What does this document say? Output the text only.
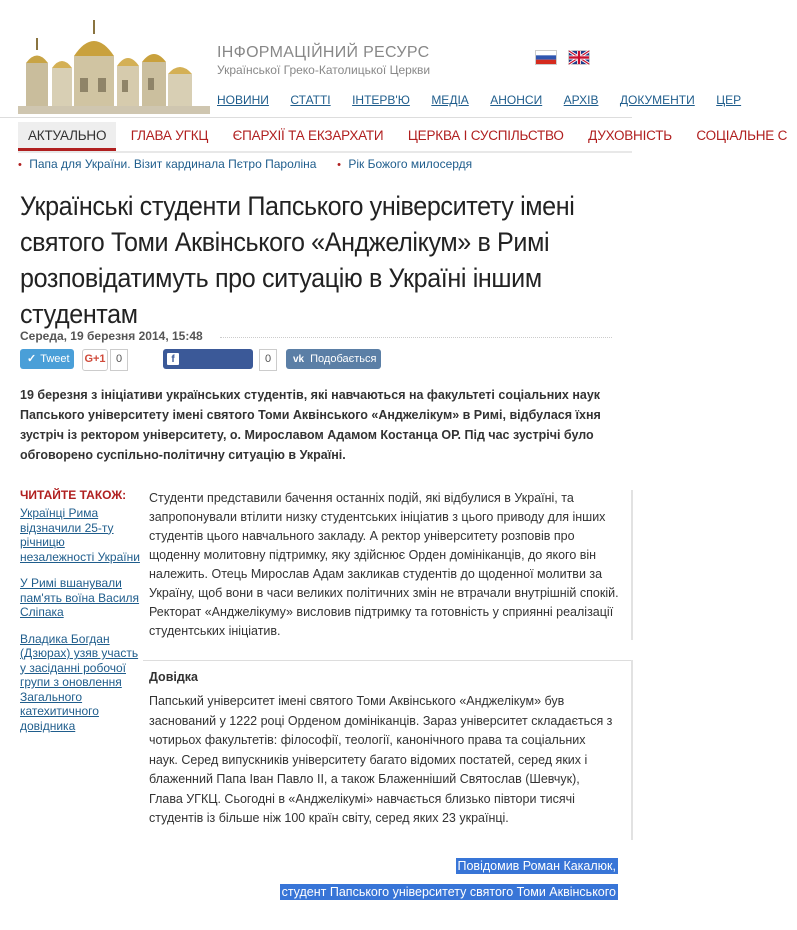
ІНФОРМАЦІЙНИЙ РЕСУРС
Української Греко-Католицької Церкви
НОВИНИ СТАТТІ ІНТЕРВ'Ю МЕДІА АНОНСИ АРХІВ ДОКУМЕНТИ ЦЕР
АКТУАЛЬНО ГЛАВА УГКЦ ЄПАРХІЇ ТА ЕКЗАРХАТИ ЦЕРКВА І СУСПІЛЬСТВО ДУХОВНІСТЬ СОЦІАЛЬНЕ С
• Папа для України. Візит кардинала Пєтро Пароліна • Рік Божого милосердя
Українські студенти Папського університету імені святого Томи Аквінського «Анджелікум» в Римі розповідатимуть про ситуацію в Україні іншим студентам
Середа, 19 березня 2014, 15:48
✓ Tweet	G+1 0	fПодобається
0	vk Подобається
19 березня з ініціативи українських студентів, які навчаються на факультеті соціальних наук Папського університету імені святого Томи Аквінського «Анджелікум» в Римі, відбулася їхня зустріч із ректором університету, о. Мирославом Адамом Костанца ОР. Під час зустрічі було обговорено суспільно-політичну ситуацію в Україні.
ЧИТАЙТЕ ТАКОЖ:
Українці Рима відзначили 25-ту річницю незалежності України
У Римі вшанували пам'ять воїна Василя Сліпака
Владика Богдан (Дзюрах) узяв участь у засіданні робочої групи з оновлення Загального катехитичного довідника
Студенти представили бачення останніх подій, які відбулися в Україні, та запропонували втілити низку студентських ініціатив з цього приводу для інших студентів цього навчального закладу. А ректор університету розповів про щоденну молитовну підтримку, яку здійснює Орден домініканців, до якого він належить. Отець Мирослав Адам закликав студентів до щоденної молитви за Україну, щоб вони в часи великих політичних змін не втрачали внутрішній спокій. Ректорат «Анджелікуму» висловив підтримку та готовність у сприянні реалізації студентських ініціатив.
Довідка
Папський університет імені святого Томи Аквінського «Анджелікум» був заснований у 1222 році Орденом домініканців. Зараз університет складається з чотирьох факультетів: філософії, теології, канонічного права та соціальних наук. Серед випускників університету багато відомих постатей, серед яких і блаженний Папа Іван Павло II, а також Блаженніший Святослав (Шевчук), Глава УГКЦ. Сьогодні в «Анджелікумі» навчається близько півтори тисячі студентів із більше ніж 100 країн світу, серед яких 23 українці.
Повідомив Роман Какалюк,
студент Папського університету святого Томи Аквінського
